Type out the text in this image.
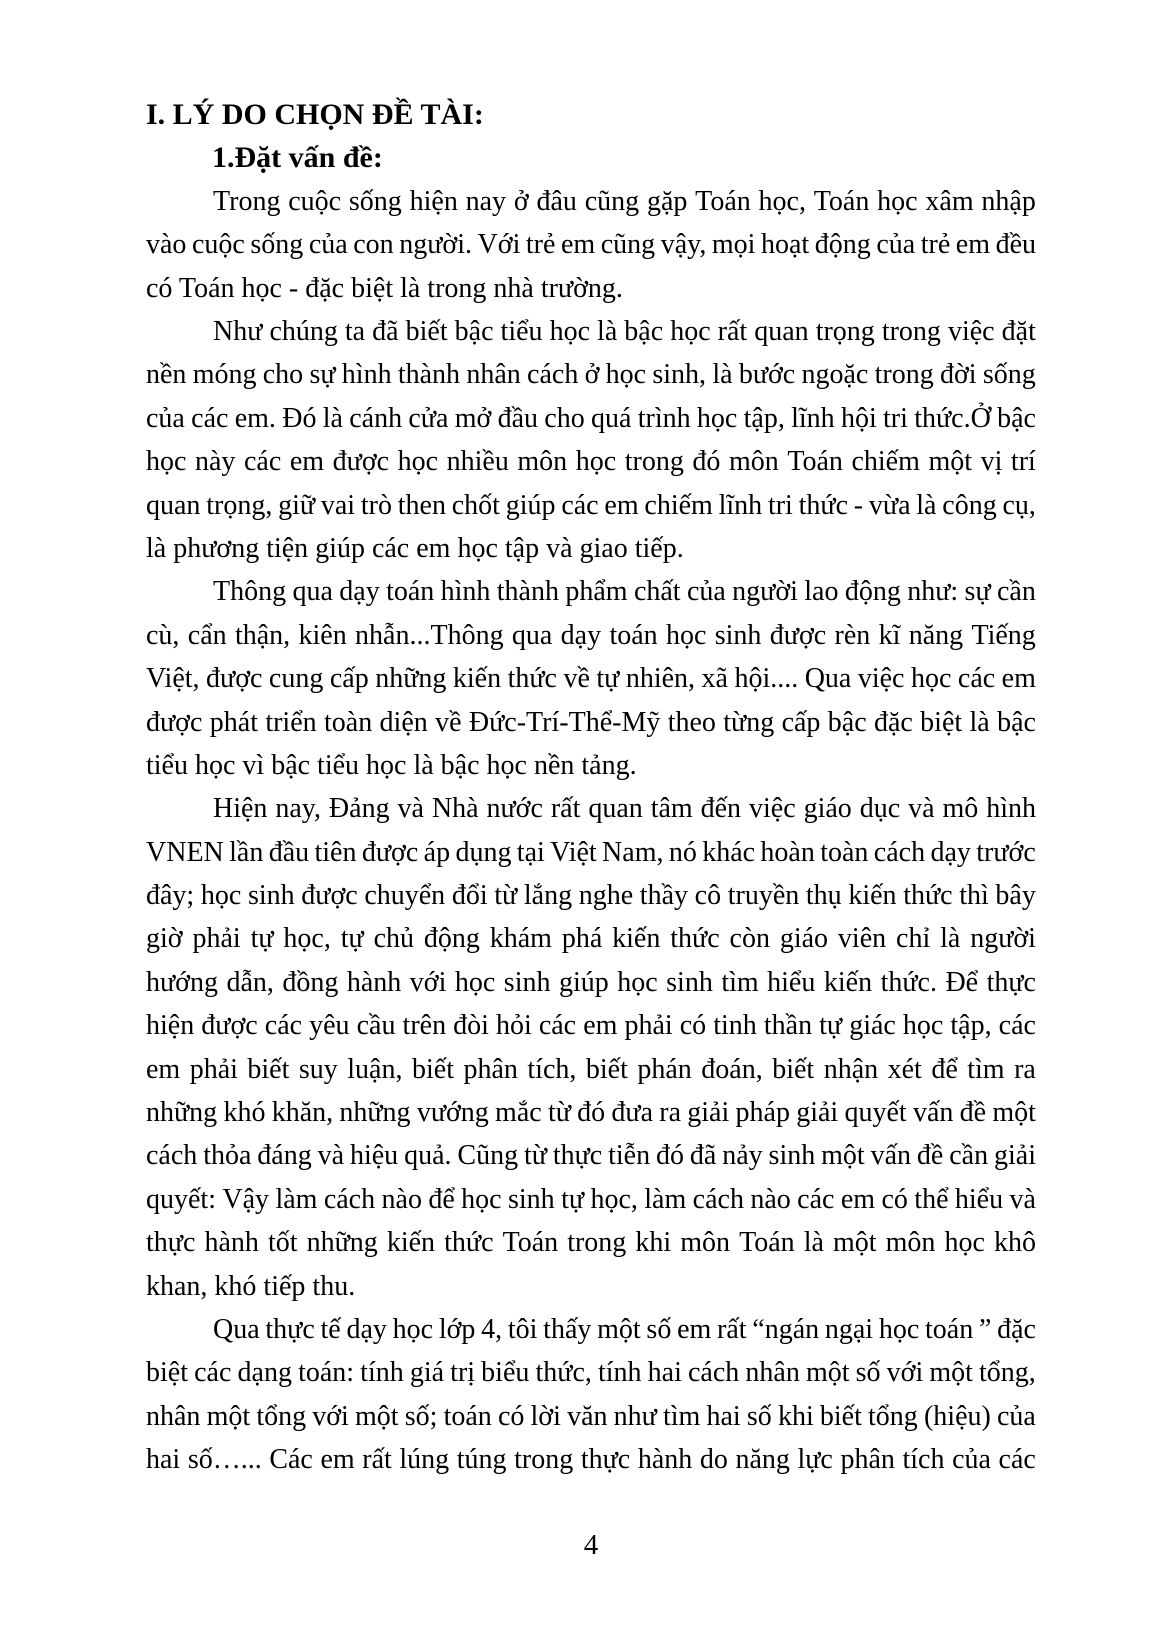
I. LÝ DO CHỌN ĐỀ TÀI:
1.Đặt vấn đề:
Trong cuộc sống hiện nay ở đâu cũng gặp Toán học, Toán học xâm nhập
vào cuộc sống của con người. Với trẻ em cũng vậy, mọi hoạt động của trẻ em đều
có Toán học - đặc biệt là trong nhà trường.
Như chúng ta đã biết bậc tiểu học là bậc học rất quan trọng trong việc đặt
nền móng cho sự hình thành nhân cách ở học sinh, là bước ngoặc trong đời sống
của các em. Đó là cánh cửa mở đầu cho quá trình học tập, lĩnh hội tri thức.Ở bậc
học này các em được học nhiều môn học trong đó môn Toán chiếm một vị trí
quan trọng, giữ vai trò then chốt giúp các em chiếm lĩnh tri thức - vừa là công cụ,
là phương tiện giúp các em học tập và giao tiếp.
Thông qua dạy toán hình thành phẩm chất của người lao động như: sự cần
cù, cẩn thận, kiên nhẫn...Thông qua dạy toán học sinh được rèn kĩ năng Tiếng
Việt, được cung cấp những kiến thức về tự nhiên, xã hội.... Qua việc học các em
được phát triển toàn diện về Đức-Trí-Thể-Mỹ theo từng cấp bậc đặc biệt là bậc
tiểu học vì bậc tiểu học là bậc học nền tảng.
Hiện nay, Đảng và Nhà nước rất quan tâm đến việc giáo dục và mô hình
VNEN lần đầu tiên được áp dụng tại Việt Nam, nó khác hoàn toàn cách dạy trước
đây; học sinh được chuyển đổi từ lắng nghe thầy cô truyền thụ kiến thức thì bây
giờ phải tự học, tự chủ động khám phá kiến thức còn giáo viên chỉ là người
hướng dẫn, đồng hành với học sinh giúp học sinh tìm hiểu kiến thức. Để thực
hiện được các yêu cầu trên đòi hỏi các em phải có tinh thần tự giác học tập, các
em phải biết suy luận, biết phân tích, biết phán đoán, biết nhận xét để tìm ra
những khó khăn, những vướng mắc từ đó đưa ra giải pháp giải quyết vấn đề một
cách thỏa đáng và hiệu quả. Cũng từ thực tiễn đó đã nảy sinh một vấn đề cần giải
quyết: Vậy làm cách nào để học sinh tự học, làm cách nào các em có thể hiểu và
thực hành tốt những kiến thức Toán trong khi môn Toán là một môn học khô
khan, khó tiếp thu.
Qua thực tế dạy học lớp 4, tôi thấy một số em rất “ngán ngại học toán ” đặc
biệt các dạng toán: tính giá trị biểu thức, tính hai cách nhân một số với một tổng,
nhân một tổng với một số; toán có lời văn như tìm hai số khi biết tổng (hiệu) của
hai số…... Các em rất lúng túng trong thực hành do năng lực phân tích của các
4
